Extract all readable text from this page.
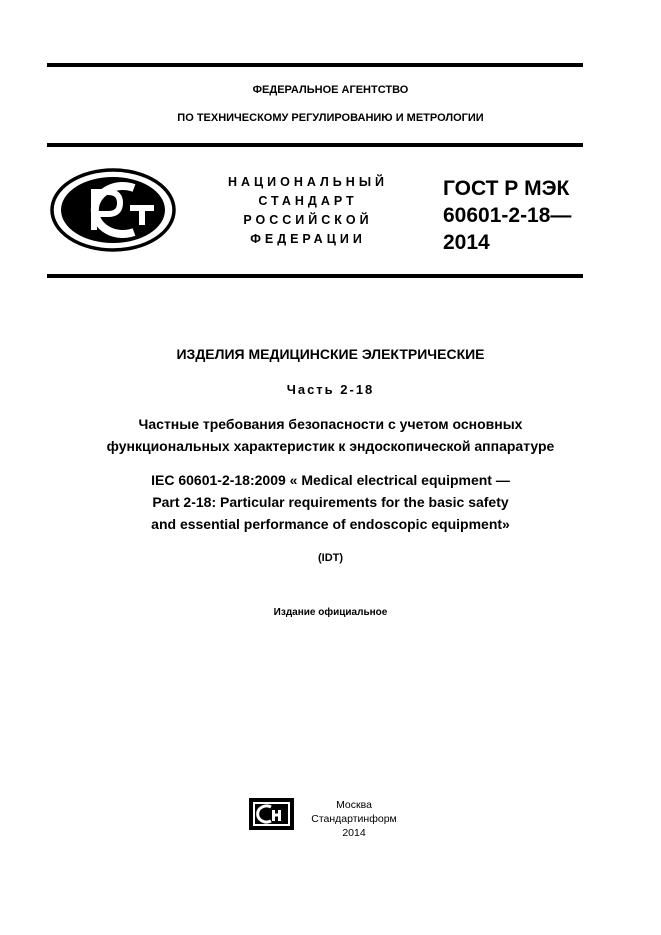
ФЕДЕРАЛЬНОЕ АГЕНТСТВО
ПО ТЕХНИЧЕСКОМУ РЕГУЛИРОВАНИЮ И МЕТРОЛОГИИ
НАЦИОНАЛЬНЫЙ
СТАНДАРТ
РОССИЙСКОЙ
ФЕДЕРАЦИИ
ГОСТ Р МЭК
60601-2-18—
2014
ИЗДЕЛИЯ МЕДИЦИНСКИЕ ЭЛЕКТРИЧЕСКИЕ
Часть 2-18
Частные требования безопасности с учетом основных
функциональных характеристик к эндоскопической аппаратуре
IEC 60601-2-18:2009 « Medical electrical equipment —
Part 2-18: Particular requirements for the basic safety
and essential performance of endoscopic equipment»
(IDT)
Издание официальное
Москва
Стандартинформ
2014
